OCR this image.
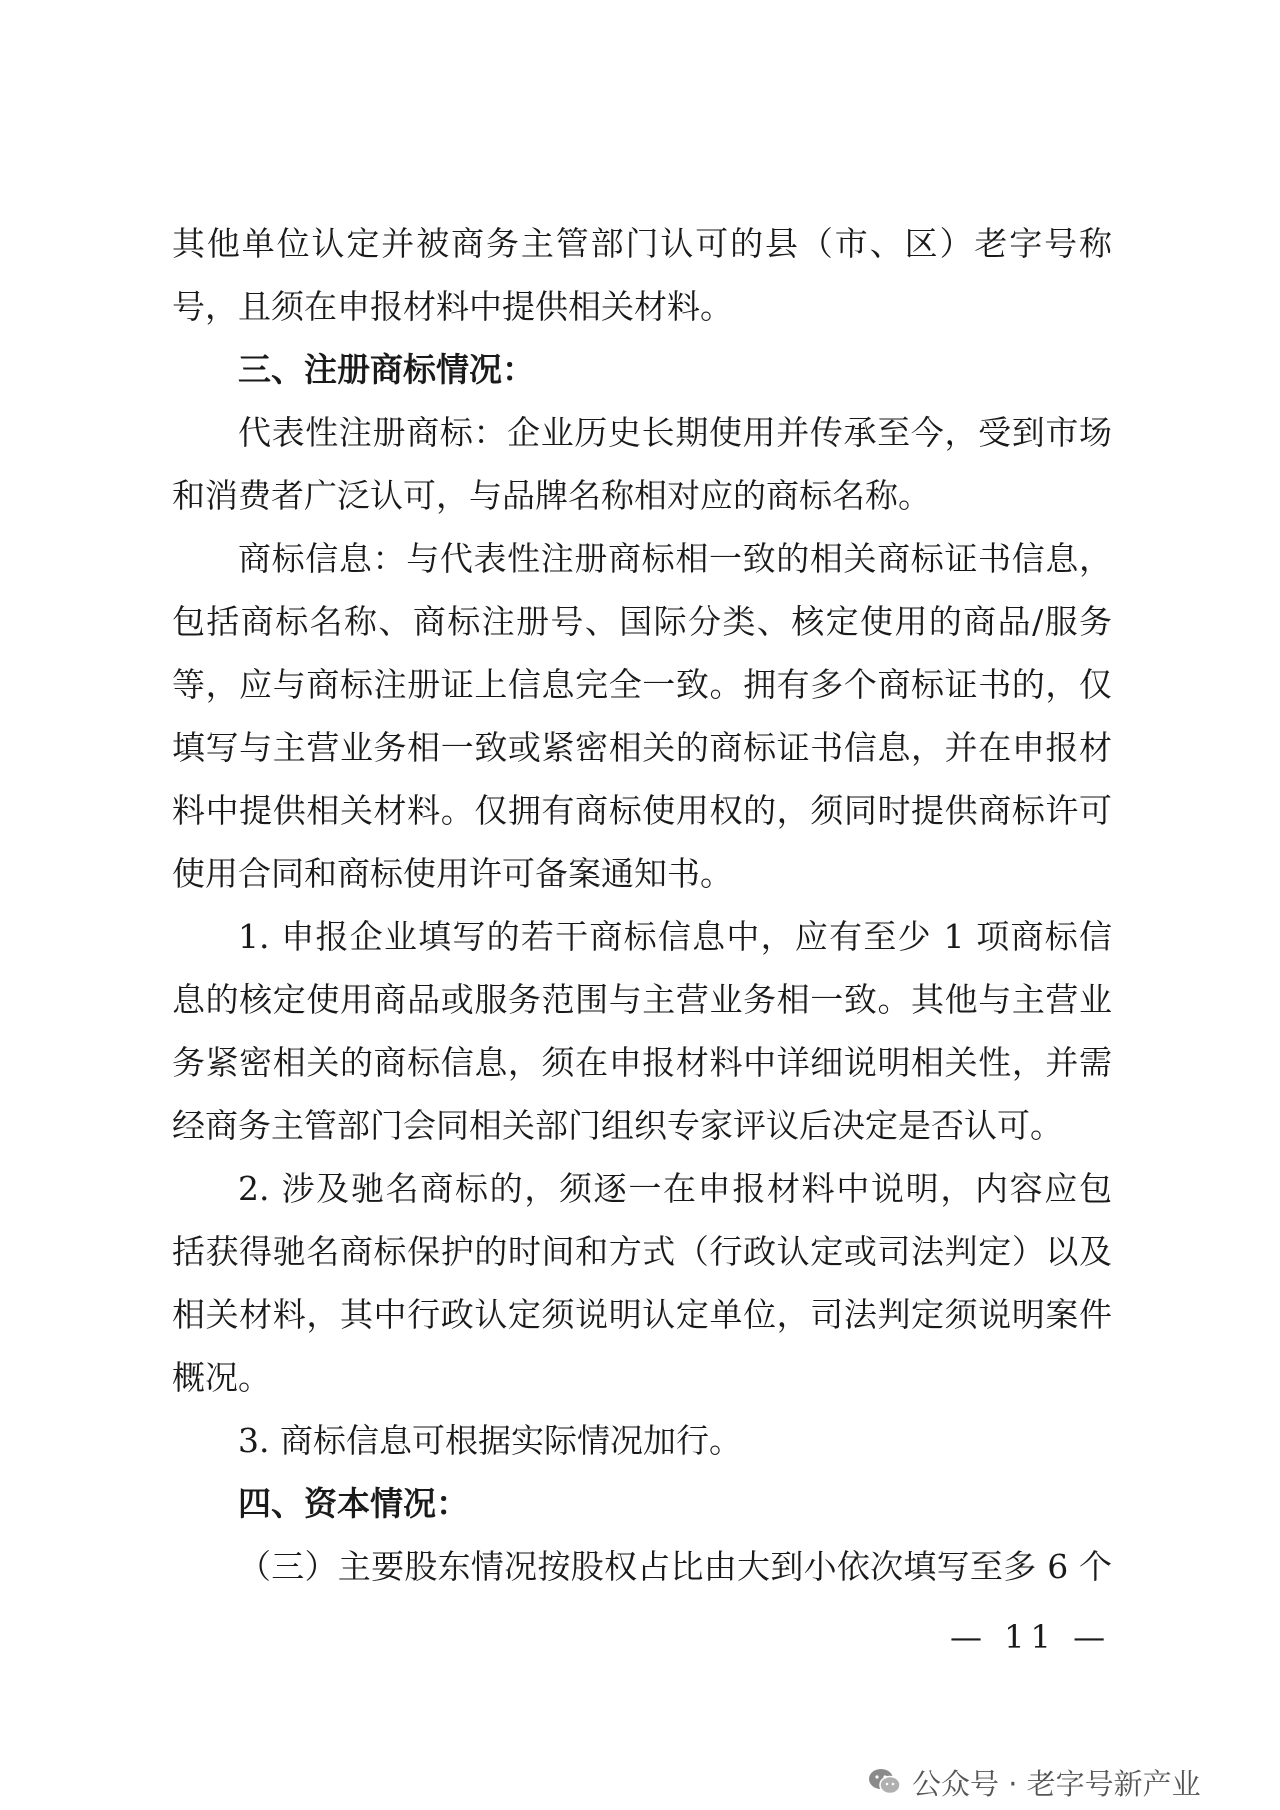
其他单位认定并被商务主管部门认可的县（市、区）老字号称
号，且须在申报材料中提供相关材料。
三、注册商标情况：
代表性注册商标：企业历史长期使用并传承至今，受到市场
和消费者广泛认可，与品牌名称相对应的商标名称。
商标信息：与代表性注册商标相一致的相关商标证书信息，
包括商标名称、商标注册号、国际分类、核定使用的商品/服务
等，应与商标注册证上信息完全一致。拥有多个商标证书的，仅
填写与主营业务相一致或紧密相关的商标证书信息，并在申报材
料中提供相关材料。仅拥有商标使用权的，须同时提供商标许可
使用合同和商标使用许可备案通知书。
1. 申报企业填写的若干商标信息中，应有至少 1 项商标信
息的核定使用商品或服务范围与主营业务相一致。其他与主营业
务紧密相关的商标信息，须在申报材料中详细说明相关性，并需
经商务主管部门会同相关部门组织专家评议后决定是否认可。
2. 涉及驰名商标的，须逐一在申报材料中说明，内容应包
括获得驰名商标保护的时间和方式（行政认定或司法判定）以及
相关材料，其中行政认定须说明认定单位，司法判定须说明案件
概况。
3. 商标信息可根据实际情况加行。
四、资本情况：
（三）主要股东情况按股权占比由大到小依次填写至多 6 个
— 11 —
公众号 · 老字号新产业
